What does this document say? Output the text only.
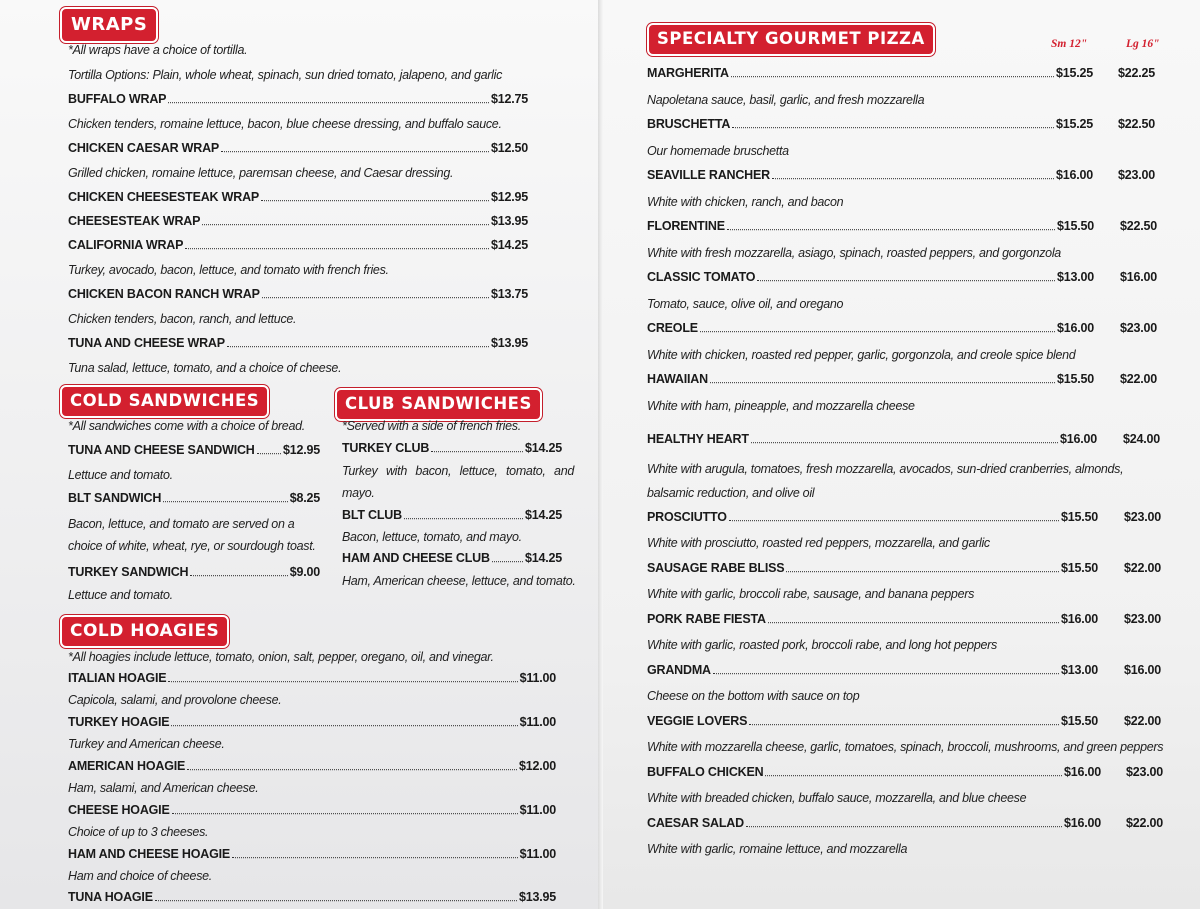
WRAPS
*All wraps have a choice of tortilla.
Tortilla Options: Plain, whole wheat, spinach, sun dried tomato, jalapeno, and garlic
BUFFALO WRAP	$12.75
Chicken tenders, romaine lettuce, bacon, blue cheese dressing, and buffalo sauce.
CHICKEN CAESAR WRAP	$12.50
Grilled chicken, romaine lettuce, paremsan cheese, and Caesar dressing.
CHICKEN CHEESESTEAK WRAP	$12.95
CHEESESTEAK WRAP	$13.95
CALIFORNIA WRAP	$14.25
Turkey, avocado, bacon, lettuce, and tomato with french fries.
CHICKEN BACON RANCH WRAP	$13.75
Chicken tenders, bacon, ranch, and lettuce.
TUNA AND CHEESE WRAP	$13.95
Tuna salad, lettuce, tomato, and a choice of cheese.
COLD SANDWICHES
*All sandwiches come with a choice of bread.
TUNA AND CHEESE SANDWICH $12.95
Lettuce and tomato.
BLT SANDWICH	$8.25
Bacon, lettuce, and tomato are served on a choice of white, wheat, rye, or sourdough toast.
TURKEY SANDWICH	$9.00
Lettuce and tomato.
CLUB SANDWICHES
*Served with a side of french fries.
TURKEY CLUB	$14.25
Turkey with bacon, lettuce, tomato, and mayo.
BLT CLUB	$14.25
Bacon, lettuce, tomato, and mayo.
HAM AND CHEESE CLUB	$14.25
Ham, American cheese, lettuce, and tomato.
COLD HOAGIES
*All hoagies include lettuce, tomato, onion, salt, pepper, oregano, oil, and vinegar.
ITALIAN HOAGIE	$11.00
Capicola, salami, and provolone cheese.
TURKEY HOAGIE	$11.00
Turkey and American cheese.
AMERICAN HOAGIE	$12.00
Ham, salami, and American cheese.
CHEESE HOAGIE	$11.00
Choice of up to 3 cheeses.
HAM AND CHEESE HOAGIE	$11.00
Ham and choice of cheese.
TUNA HOAGIE	$13.95
SPECIALTY GOURMET PIZZA	Sm 12"	Lg 16"
MARGHERITA	$15.25 $22.25
Napoletana sauce, basil, garlic, and fresh mozzarella
BRUSCHETTA	$15.25 $22.50
Our homemade bruschetta
SEAVILLE RANCHER	$16.00 $23.00
White with chicken, ranch, and bacon
FLORENTINE	$15.50 $22.50
White with fresh mozzarella, asiago, spinach, roasted peppers, and gorgonzola
CLASSIC TOMATO	$13.00 $16.00
Tomato, sauce, olive oil, and oregano
CREOLE	$16.00 $23.00
White with chicken, roasted red pepper, garlic, gorgonzola, and creole spice blend
HAWAIIAN	$15.50 $22.00
White with ham, pineapple, and mozzarella cheese
HEALTHY HEART	$16.00 $24.00
White with arugula, tomatoes, fresh mozzarella, avocados, sun-dried cranberries, almonds, balsamic reduction, and olive oil
PROSCIUTTO	$15.50 $23.00
White with prosciutto, roasted red peppers, mozzarella, and garlic
SAUSAGE RABE BLISS	$15.50 $22.00
White with garlic, broccoli rabe, sausage, and banana peppers
PORK RABE FIESTA	$16.00 $23.00
White with garlic, roasted pork, broccoli rabe, and long hot peppers
GRANDMA	$13.00 $16.00
Cheese on the bottom with sauce on top
VEGGIE LOVERS	$15.50 $22.00
White with mozzarella cheese, garlic, tomatoes, spinach, broccoli, mushrooms, and green peppers
BUFFALO CHICKEN	$16.00 $23.00
White with breaded chicken, buffalo sauce, mozzarella, and blue cheese
CAESAR SALAD	$16.00 $22.00
White with garlic, romaine lettuce, and mozzarella
